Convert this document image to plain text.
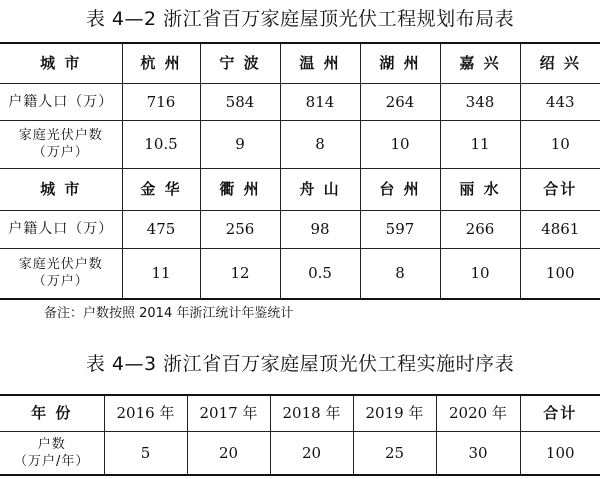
表 4—2 浙江省百万家庭屋顶光伏工程规划布局表
城 市	杭 州	宁 波	温 州	湖 州	嘉 兴	绍 兴
户籍人口（万）	716	584	814	264	348	443
家庭光伏户数
（万户）	10.5	9	8	10	11	10
城 市	金 华	衢 州	舟 山	台 州	丽 水	合计
户籍人口（万）	475	256	98	597	266	4861
家庭光伏户数
（万户）	11	12	0.5	8	10	100
备注：户数按照 2014 年浙江统计年鉴统计
表 4—3 浙江省百万家庭屋顶光伏工程实施时序表
年 份	2016 年	2017 年	2018 年	2019 年	2020 年	合计
户数
（万户/年）	5	20	20	25	30	100
